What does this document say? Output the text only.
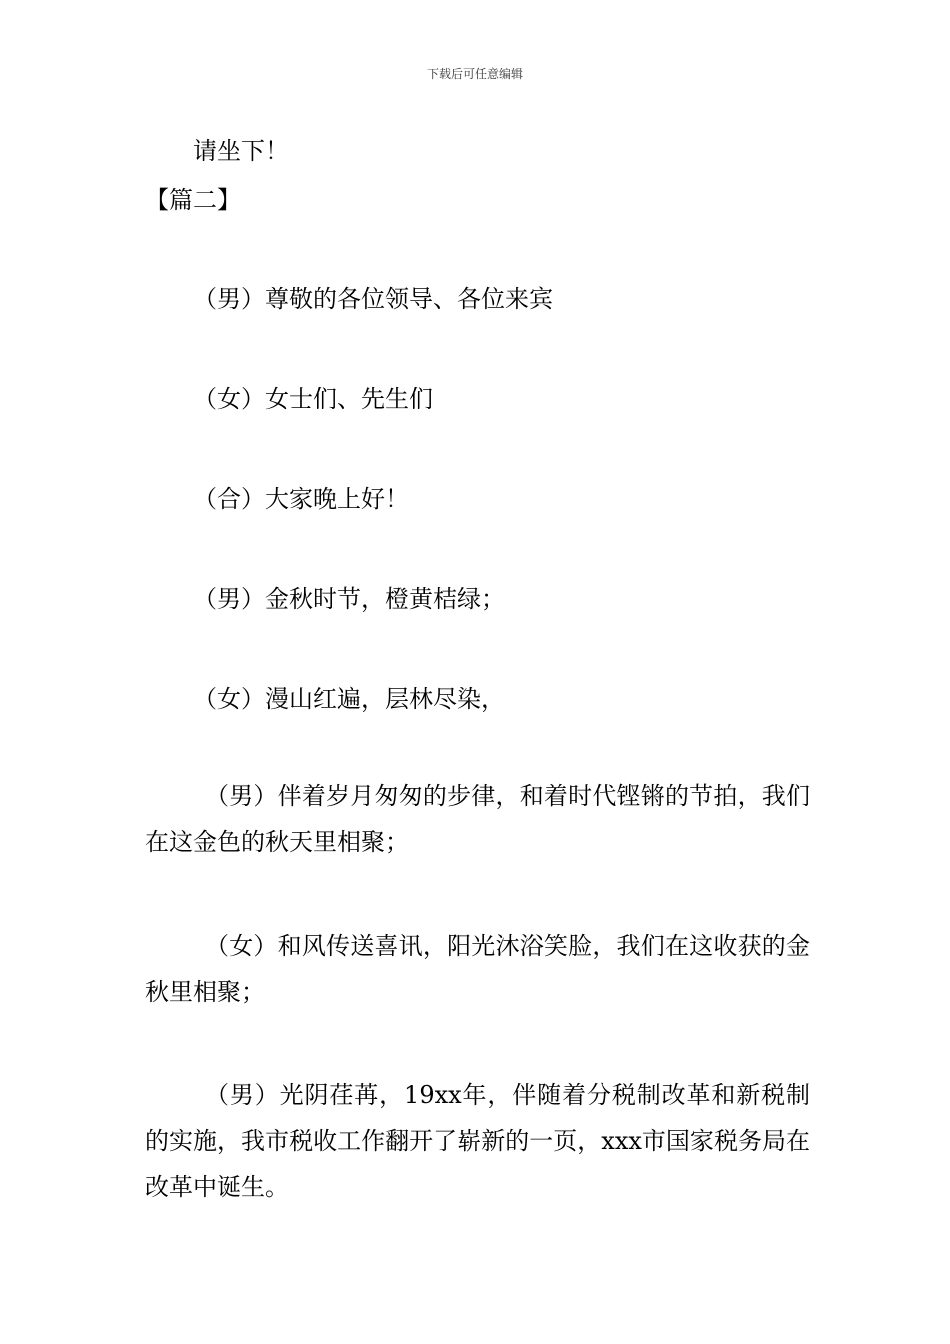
下载后可任意编辑
请坐下！
【篇二】
（男）尊敬的各位领导、各位来宾
（女）女士们、先生们
（合）大家晚上好！
（男）金秋时节，橙黄桔绿；
（女）漫山红遍，层林尽染，
（男）伴着岁月匆匆的步律，和着时代铿锵的节拍，我们在这金色的秋天里相聚；
（女）和风传送喜讯，阳光沐浴笑脸，我们在这收获的金秋里相聚；
（男）光阴荏苒，19xx年，伴随着分税制改革和新税制的实施，我市税收工作翻开了崭新的一页，xxx市国家税务局在改革中诞生。
